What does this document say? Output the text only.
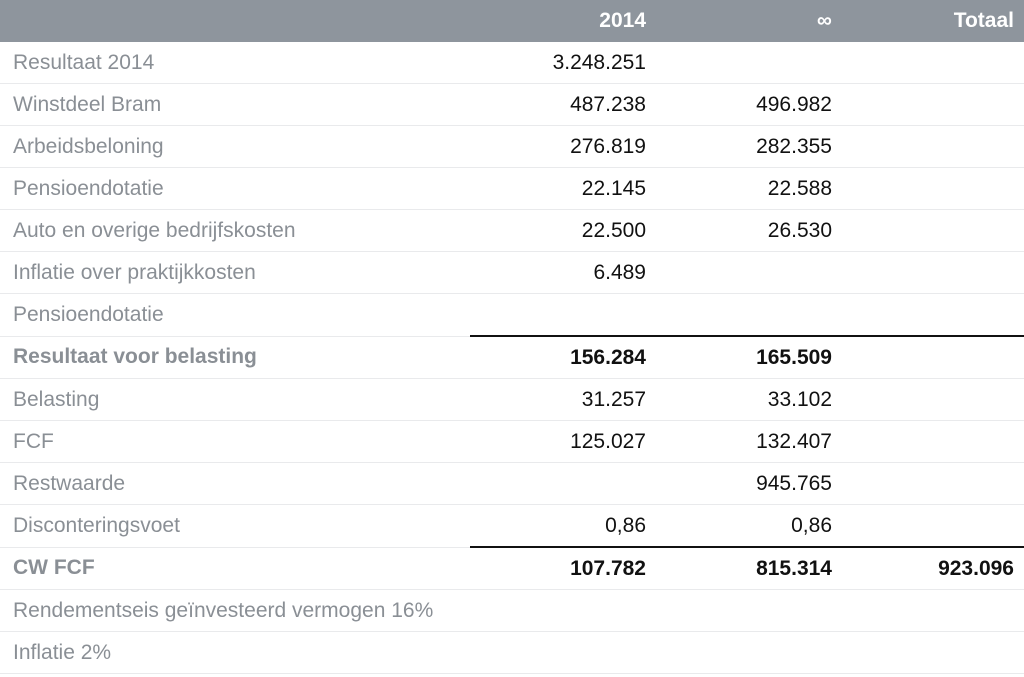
	2014	∞	Totaal
Resultaat 2014	3.248.251		
Winstdeel Bram	487.238	496.982	
Arbeidsbeloning	276.819	282.355	
Pensioendotatie	22.145	22.588	
Auto en overige bedrijfskosten	22.500	26.530	
Inflatie over praktijkkosten	6.489		
Pensioendotatie			
Resultaat voor belasting	156.284	165.509	
Belasting	31.257	33.102	
FCF	125.027	132.407	
Restwaarde		945.765	
Disconteringsvoet	0,86	0,86	
CW FCF	107.782	815.314	923.096
Rendementseis geïnvesteerd vermogen 16%			
Inflatie 2%			
